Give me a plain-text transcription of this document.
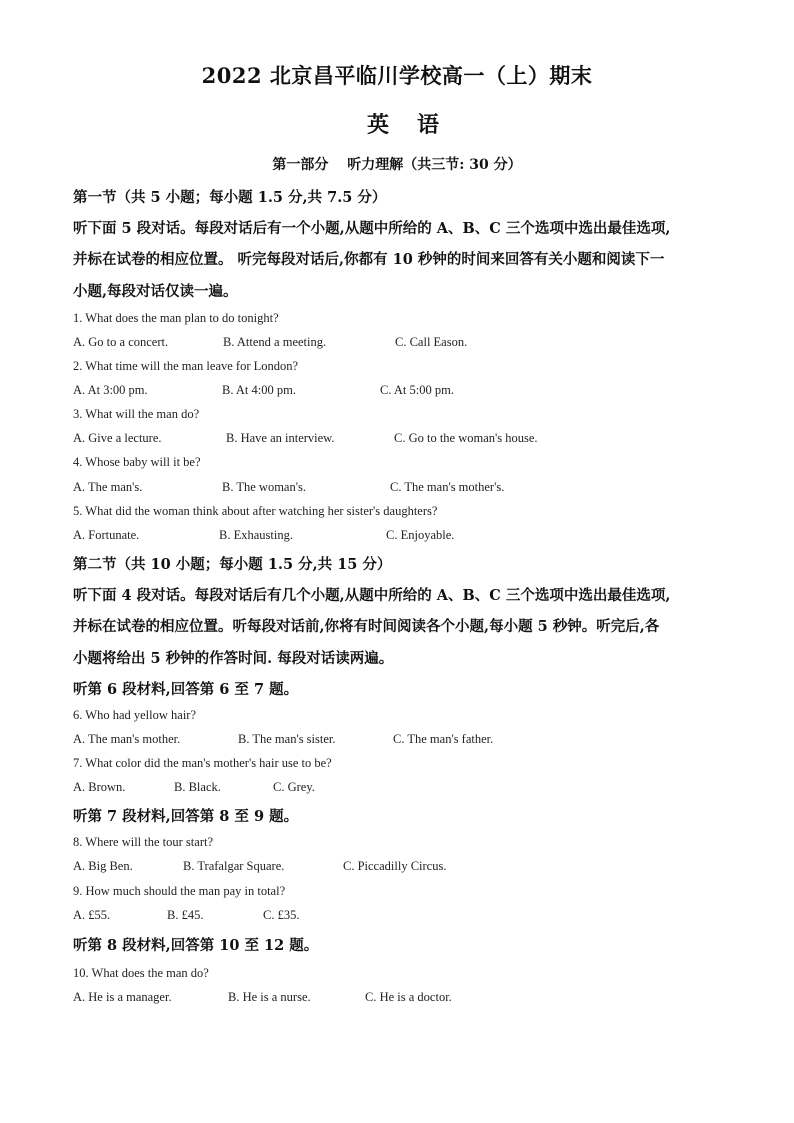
2022 北京昌平临川学校高一（上）期末
英语
第一部分　 听力理解（共三节: 30 分）
第一节（共 5 小题；每小题 1.5 分,共 7.5 分）
听下面 5 段对话。每段对话后有一个小题,从题中所给的 A、B、C 三个选项中选出最佳选项,
并标在试卷的相应位置。 听完每段对话后,你都有 10 秒钟的时间来回答有关小题和阅读下一
小题,每段对话仅读一遍。
1. What does the man plan to do tonight?
A. Go to a concert.	B. Attend a meeting.	C. Call Eason.
2. What time will the man leave for London?
A. At 3:00 pm.	B. At 4:00 pm.	C. At 5:00 pm.
3. What will the man do?
A. Give a lecture.	B. Have an interview.	C. Go to the woman's house.
4. Whose baby will it be?
A. The man's.	B. The woman's.	C. The man's mother's.
5. What did the woman think about after watching her sister's daughters?
A. Fortunate.	B. Exhausting.	C. Enjoyable.
第二节（共 10 小题；每小题 1.5 分,共 15 分）
听下面 4 段对话。每段对话后有几个小题,从题中所给的 A、B、C 三个选项中选出最佳选项,
并标在试卷的相应位置。听每段对话前,你将有时间阅读各个小题,每小题 5 秒钟。听完后,各
小题将给出 5 秒钟的作答时间. 每段对话读两遍。
听第 6 段材料,回答第 6 至 7 题。
6. Who had yellow hair?
A. The man's mother.	B. The man's sister.	C. The man's father.
7. What color did the man's mother's hair use to be?
A. Brown.	B. Black.	C. Grey.
听第 7 段材料,回答第 8 至 9 题。
8. Where will the tour start?
A. Big Ben.	B. Trafalgar Square.	C. Piccadilly Circus.
9. How much should the man pay in total?
A. £55.	B. £45.	C. £35.
听第 8 段材料,回答第 10 至 12 题。
10. What does the man do?
A. He is a manager.	B. He is a nurse.	C. He is a doctor.
